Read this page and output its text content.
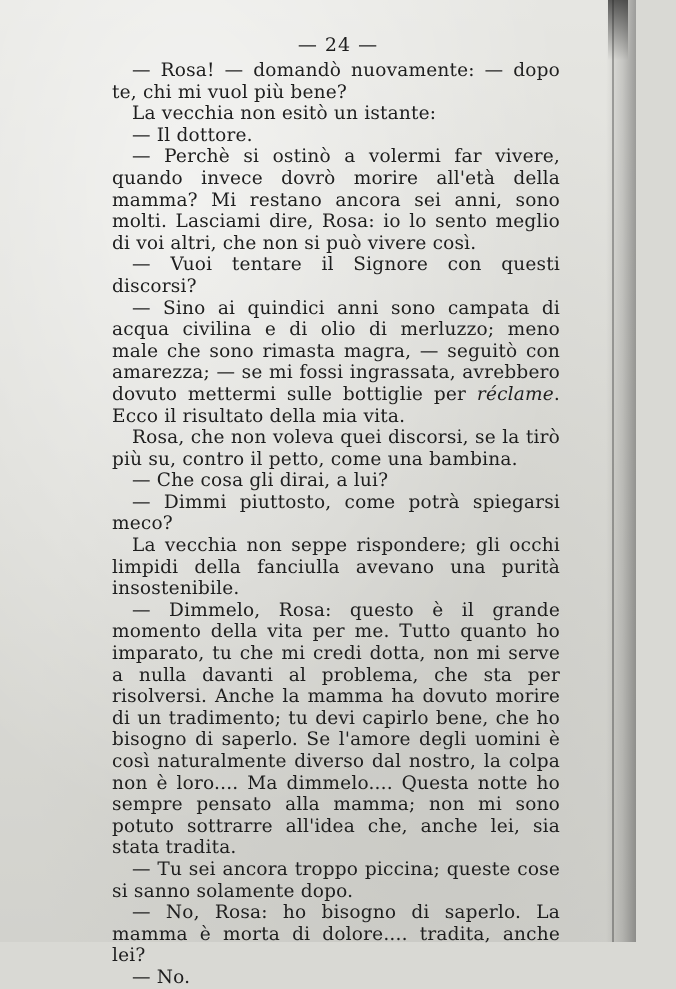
— 24 —

— Rosa! — domandò nuovamente: — dopo te, chi mi vuol più bene?

La vecchia non esitò un istante:

— Il dottore.

— Perchè si ostinò a volermi far vivere, quando invece dovrò morire all'età della mamma? Mi restano ancora sei anni, sono molti. Lasciami dire, Rosa: io lo sento meglio di voi altri, che non si può vivere così.

— Vuoi tentare il Signore con questi discorsi?

— Sino ai quindici anni sono campata di acqua civilina e di olio di merluzzo; meno male che sono rimasta magra, — seguitò con amarezza; — se mi fossi ingrassata, avrebbero dovuto mettermi sulle bottiglie per réclame. Ecco il risultato della mia vita.

Rosa, che non voleva quei discorsi, se la tirò più su, contro il petto, come una bambina.

— Che cosa gli dirai, a lui?

— Dimmi piuttosto, come potrà spiegarsi meco?

La vecchia non seppe rispondere; gli occhi limpidi della fanciulla avevano una purità insostenibile.

— Dimmelo, Rosa: questo è il grande momento della vita per me. Tutto quanto ho imparato, tu che mi credi dotta, non mi serve a nulla davanti al problema, che sta per risolversi. Anche la mamma ha dovuto morire di un tradimento; tu devi capirlo bene, che ho bisogno di saperlo. Se l'amore degli uomini è così naturalmente diverso dal nostro, la colpa non è loro.... Ma dimmelo.... Questa notte ho sempre pensato alla mamma; non mi sono potuto sottrarre all'idea che, anche lei, sia stata tradita.

— Tu sei ancora troppo piccina; queste cose si sanno solamente dopo.

— No, Rosa: ho bisogno di saperlo. La mamma è morta di dolore.... tradita, anche lei?

— No.
